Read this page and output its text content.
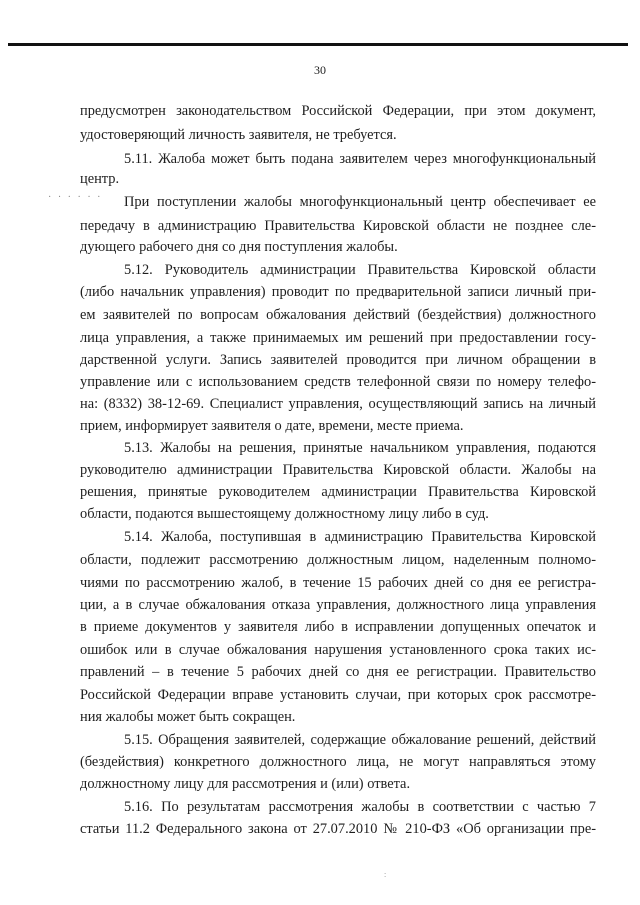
30
· · · · · ·
предусмотрен законодательством Российской Федерации, при этом документ,
удостоверяющий личность заявителя, не требуется.
5.11. Жалоба может быть подана заявителем через многофункциональный
центр.
При поступлении жалобы многофункциональный центр обеспечивает ее
передачу в администрацию Правительства Кировской области не позднее сле-
дующего рабочего дня со дня поступления жалобы.
5.12. Руководитель администрации Правительства Кировской области
(либо начальник управления) проводит по предварительной записи личный при-
ем заявителей по вопросам обжалования действий (бездействия) должностного
лица управления, а также принимаемых им решений при предоставлении госу-
дарственной услуги. Запись заявителей проводится при личном обращении в
управление или с использованием средств телефонной связи по номеру телефо-
на: (8332) 38-12-69. Специалист управления, осуществляющий запись на личный
прием, информирует заявителя о дате, времени, месте приема.
5.13. Жалобы на решения, принятые начальником управления, подаются
руководителю администрации Правительства Кировской области. Жалобы на
решения, принятые руководителем администрации Правительства Кировской
области, подаются вышестоящему должностному лицу либо в суд.
5.14. Жалоба, поступившая в администрацию Правительства Кировской
области, подлежит рассмотрению должностным лицом, наделенным полномо-
чиями по рассмотрению жалоб, в течение 15 рабочих дней со дня ее регистра-
ции, а в случае обжалования отказа управления, должностного лица управления
в приеме документов у заявителя либо в исправлении допущенных опечаток и
ошибок или в случае обжалования нарушения установленного срока таких ис-
правлений – в течение 5 рабочих дней со дня ее регистрации. Правительство
Российской Федерации вправе установить случаи, при которых срок рассмотре-
ния жалобы может быть сокращен.
5.15. Обращения заявителей, содержащие обжалование решений, действий
(бездействия) конкретного должностного лица, не могут направляться этому
должностному лицу для рассмотрения и (или) ответа.
5.16. По результатам рассмотрения жалобы в соответствии с частью 7
статьи 11.2 Федерального закона от 27.07.2010 № 210-ФЗ «Об организации пре-
:
